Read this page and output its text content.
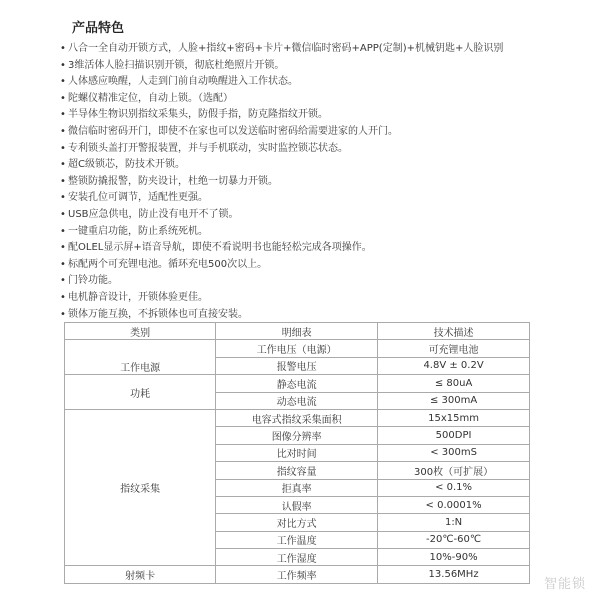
产品特色
• 八合一全自动开锁方式，人脸+指纹+密码+卡片+微信临时密码+APP(定制)+机械钥匙+人脸识别
• 3维活体人脸扫描识别开锁，彻底杜绝照片开锁。
• 人体感应唤醒，人走到门前自动唤醒进入工作状态。
• 陀螺仪精准定位，自动上锁。（选配）
• 半导体生物识别指纹采集头，防假手指，防克隆指纹开锁。
• 微信临时密码开门，即使不在家也可以发送临时密码给需要进家的人开门。
• 专利锁头盖打开警报装置，并与手机联动，实时监控锁芯状态。
• 超C级锁芯，防技术开锁。
• 整锁防撬报警，防夹设计，杜绝一切暴力开锁。
• 安装孔位可调节，适配性更强。
• USB应急供电，防止没有电开不了锁。
• 一键重启功能，防止系统死机。
• 配OLEL显示屏+语音导航，即使不看说明书也能轻松完成各项操作。
• 标配两个可充锂电池。循环充电500次以上。
• 门铃功能。
• 电机静音设计，开锁体验更佳。
• 锁体万能互换，不拆锁体也可直接安装。
类别	明细表	技术描述
工作电源	工作电压（电源）	可充锂电池
	报警电压	4.8V ± 0.2V
功耗	静态电流	≤ 80uA
	动态电流	≤ 300mA
指纹采集	电容式指纹采集面积	15x15mm
	图像分辨率	500DPI
	比对时间	< 300mS
	指纹容量	300枚（可扩展）
	拒真率	< 0.1%
	认假率	< 0.0001%
	对比方式	1:N
	工作温度	-20℃-60℃
	工作湿度	10%-90%
射频卡	工作频率	13.56MHz
智能锁
